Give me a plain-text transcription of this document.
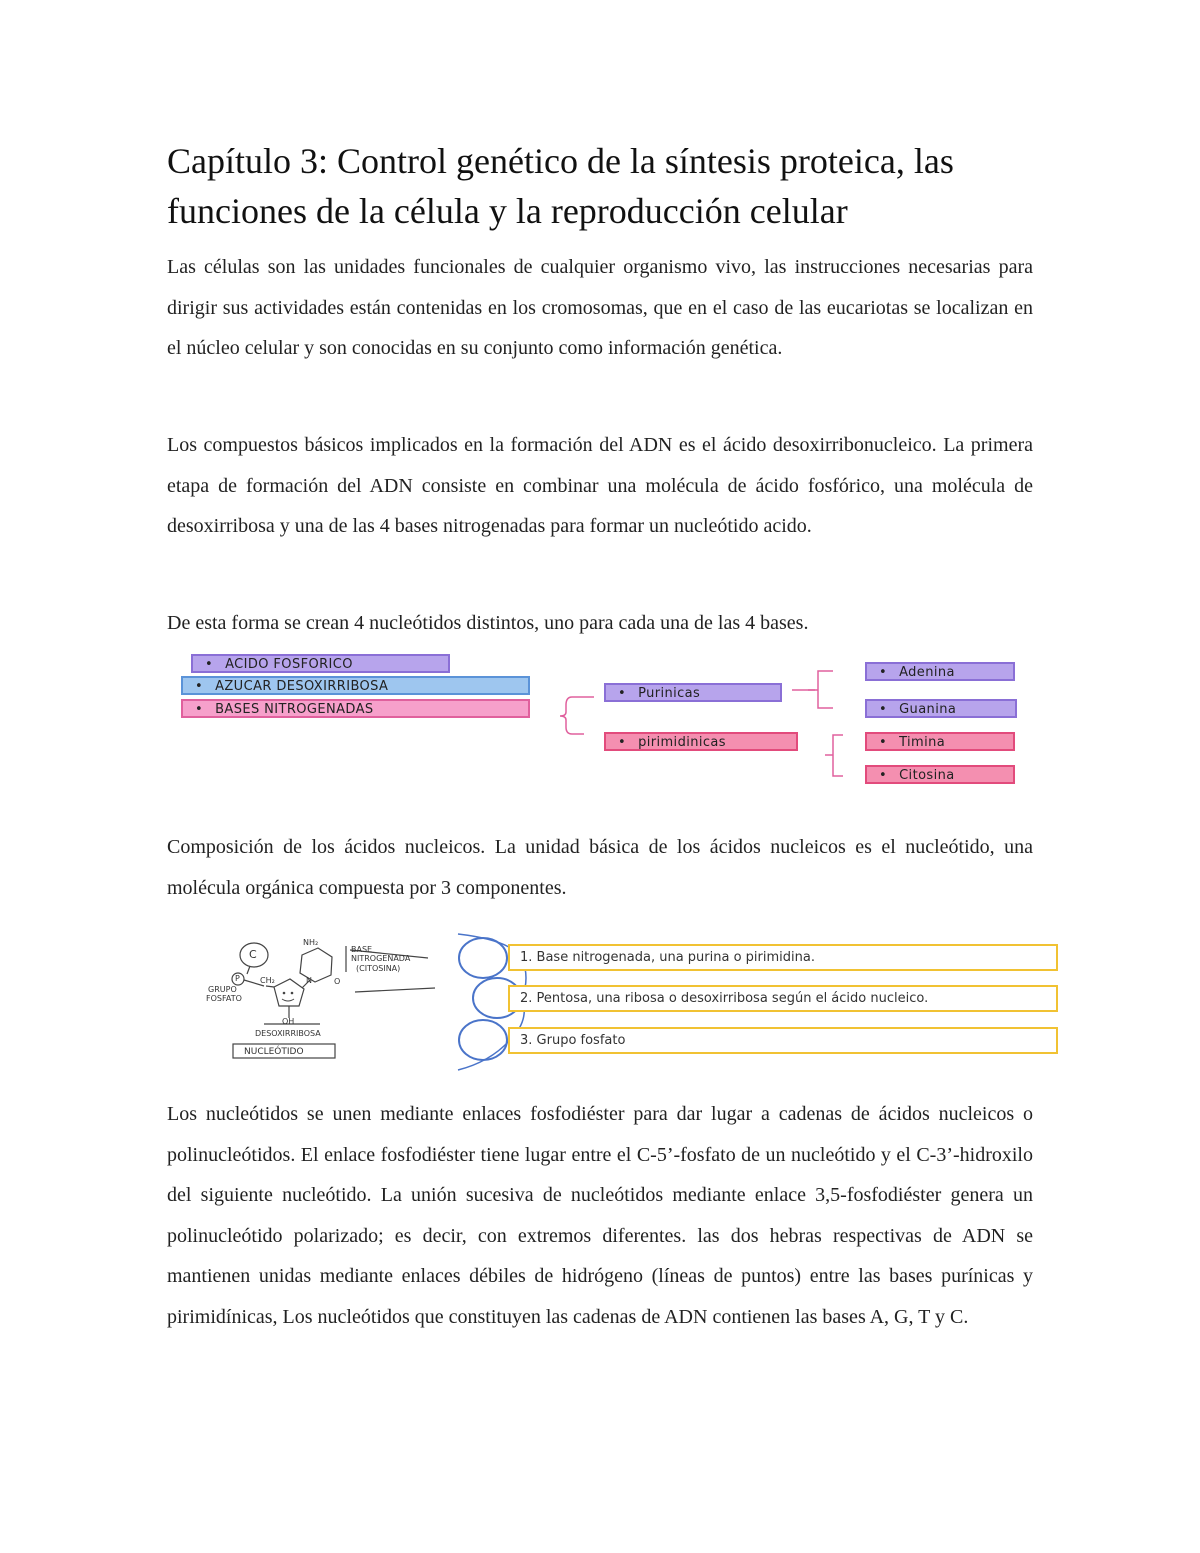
Capítulo 3: Control genético de la síntesis proteica, las funciones de la célula y la reproducción celular

Las células son las unidades funcionales de cualquier organismo vivo, las instrucciones necesarias para dirigir sus actividades están contenidas en los cromosomas, que en el caso de las eucariotas se localizan en el núcleo celular y son conocidas en su conjunto como información genética.

Los compuestos básicos implicados en la formación del ADN es el ácido desoxirribonucleico. La primera etapa de formación del ADN consiste en combinar una molécula de ácido fosfórico, una molécula de desoxirribosa y una de las 4 bases nitrogenadas para formar un nucleótido acido.

De esta forma se crean 4 nucleótidos distintos, uno para cada una de las 4 bases.

• ACIDO FOSFORICO
• AZUCAR DESOXIRRIBOSA
• BASES NITROGENADAS
• Purinicas
• pirimidinicas
• Adenina
• Guanina
• Timina
• Citosina

Composición de los ácidos nucleicos. La unidad básica de los ácidos nucleicos es el nucleótido, una molécula orgánica compuesta por 3 componentes.

C
P
NH₂
BASE
NITROGENADA
(CITOSINA)
GRUPO
FOSFATO
CH₂	N	O
OH
DESOXIRRIBOSA
NUCLEÓTIDO
1. Base nitrogenada, una purina o pirimidina.
2. Pentosa, una ribosa o desoxirribosa según el ácido nucleico.
3. Grupo fosfato

Los nucleótidos se unen mediante enlaces fosfodiéster para dar lugar a cadenas de ácidos nucleicos o polinucleótidos. El enlace fosfodiéster tiene lugar entre el C-5’-fosfato de un nucleótido y el C-3’-hidroxilo del siguiente nucleótido. La unión sucesiva de nucleótidos mediante enlace 3,5-fosfodiéster genera un polinucleótido polarizado; es decir, con extremos diferentes. las dos hebras respectivas de ADN se mantienen unidas mediante enlaces débiles de hidrógeno (líneas de puntos) entre las bases purínicas y pirimidínicas, Los nucleótidos que constituyen las cadenas de ADN contienen las bases A, G, T y C.
